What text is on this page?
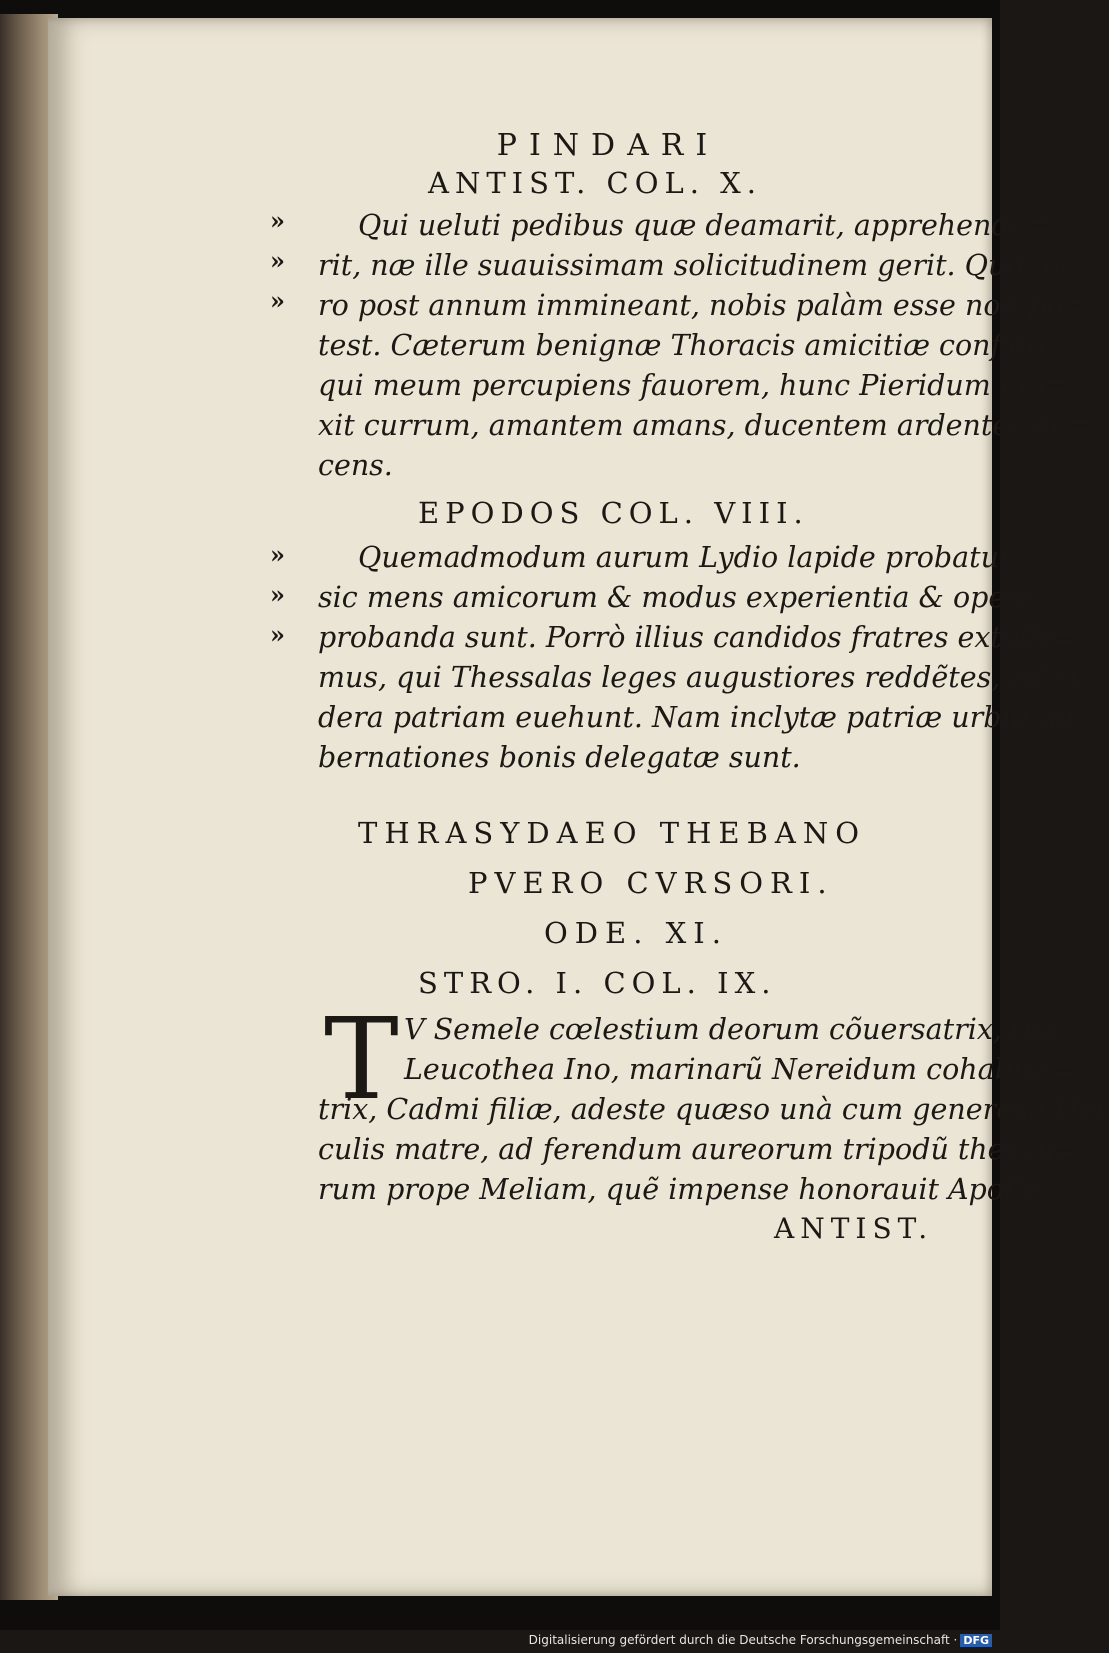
PINDARI
ANTIST. COL. X.
»
»
»
Qui ueluti pedibus quæ deamarit, apprehende=
rit, næ ille suauissimam solicitudinem gerit. Quæ ue
ro post annum immineant, nobis palàm esse non po=
test. Cæterum benignæ Thoracis amicitiæ confido,
qui meum percupiens fauorem, hunc Pieridum iun=
xit currum, amantem amans, ducentem ardenter du=
cens.
EPODOS COL. VIII.
»
»
»
Quemadmodum aurum Lydio lapide probatur,
sic mens amicorum & modus experientia & opere
probanda sunt. Porrò illius candidos fratres extolle=
mus, qui Thessalas leges augustiores reddẽtes, ad sy
dera patriam euehunt. Nam inclytæ patriæ urbiũ gu
bernationes bonis delegatæ sunt.
THRASYDAEO THEBANO
PVERO CVRSORI.
ODE. XI.
STRO. I. COL. IX.
T V Semele cœlestium deorum cõuersatrix, tuq;
Leucothea Ino, marinarũ Nereidum cohabita=
trix, Cadmi filiæ, adeste quæso unà cum generosa Her
culis matre, ad ferendum aureorum tripodũ thesau=
rum prope Meliam, quẽ impense honorauit Apollo.
ANTIST.
Digitalisierung gefördert durch die Deutsche Forschungsgemeinschaft · DFG
